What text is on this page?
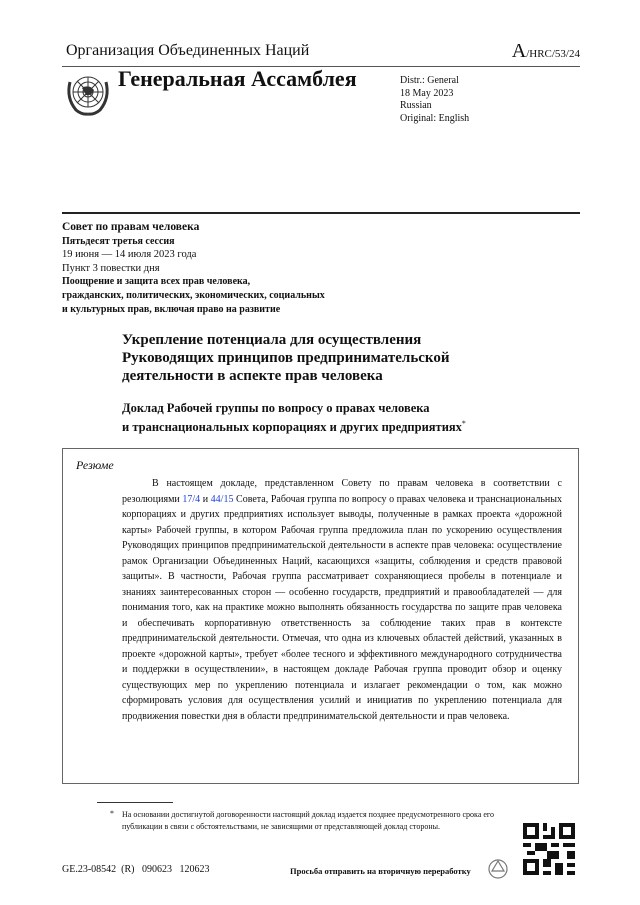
Организация Объединенных Наций	A/HRC/53/24
Генеральная Ассамблея	Distr.: General
18 May 2023
Russian
Original: English
Совет по правам человека
Пятьдесят третья сессия
19 июня — 14 июля 2023 года
Пункт 3 повестки дня
Поощрение и защита всех прав человека,
гражданских, политических, экономических, социальных
и культурных прав, включая право на развитие
Укрепление потенциала для осуществления
Руководящих принципов предпринимательской
деятельности в аспекте прав человека
Доклад Рабочей группы по вопросу о правах человека
и транснациональных корпорациях и других предприятиях*
Резюме
В настоящем докладе, представленном Совету по правам человека в соответствии с резолюциями 17/4 и 44/15 Совета, Рабочая группа по вопросу о правах человека и транснациональных корпорациях и других предприятиях использует выводы, полученные в рамках проекта «дорожной карты» Рабочей группы, в котором Рабочая группа предложила план по ускорению осуществления Руководящих принципов предпринимательской деятельности в аспекте прав человека: осуществление рамок Организации Объединенных Наций, касающихся «защиты, соблюдения и средств правовой защиты». В частности, Рабочая группа рассматривает сохраняющиеся пробелы в потенциале и знаниях заинтересованных сторон — особенно государств, предприятий и правообладателей — для понимания того, как на практике можно выполнять обязанность государства по защите прав человека и обеспечивать корпоративную ответственность за соблюдение таких прав в контексте предпринимательской деятельности. Отмечая, что одна из ключевых областей действий, указанных в проекте «дорожной карты», требует «более тесного и эффективного международного сотрудничества и поддержки в осуществлении», в настоящем докладе Рабочая группа проводит обзор и оценку существующих мер по укреплению потенциала и излагает рекомендации о том, как можно сформировать условия для осуществления усилий и инициатив по укреплению потенциала для продвижения повестки дня в области предпринимательской деятельности и прав человека.
* На основании достигнутой договоренности настоящий доклад издается позднее предусмотренного срока его публикации в связи с обстоятельствами, не зависящими от представляющей доклад стороны.
GE.23-08542  (R)   090623   120623	Просьба отправить на вторичную переработку
